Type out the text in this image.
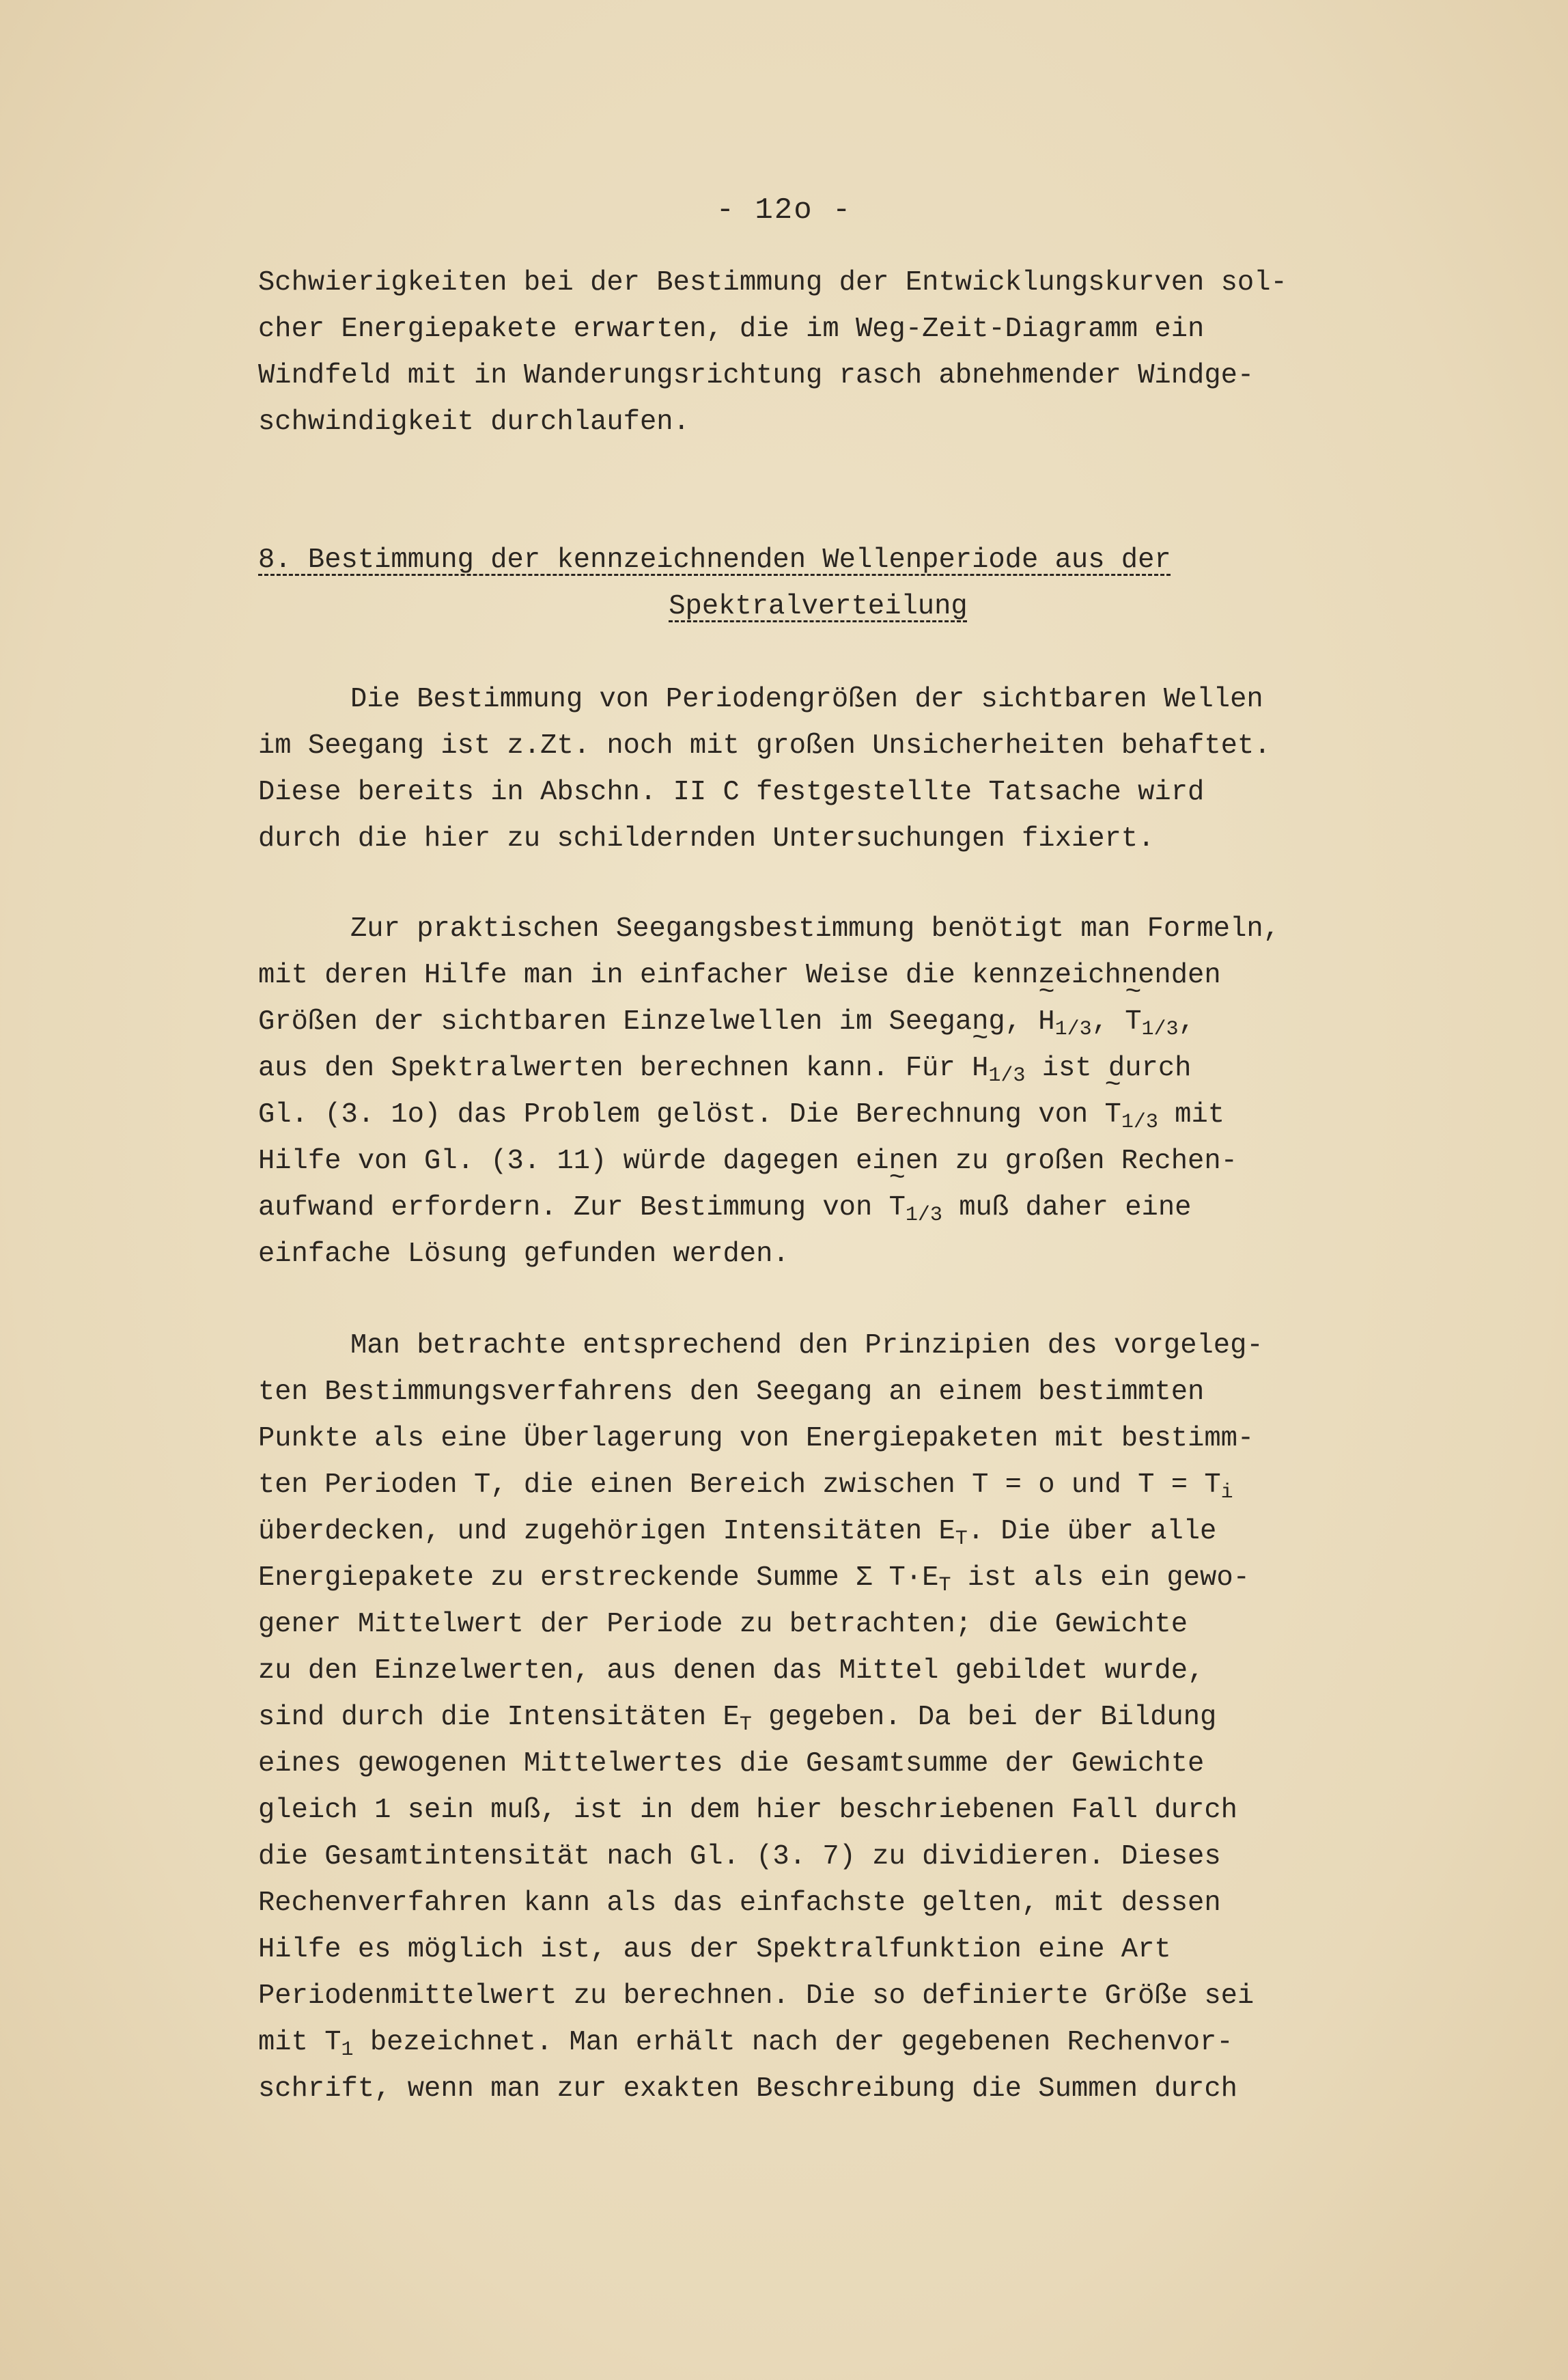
- 12o -
Schwierigkeiten bei der Bestimmung der Entwicklungskurven sol-
cher Energiepakete erwarten, die im Weg-Zeit-Diagramm ein
Windfeld mit in Wanderungsrichtung rasch abnehmender Windge-
schwindigkeit durchlaufen.
8. Bestimmung der kennzeichnenden Wellenperiode aus der
Spektralverteilung
Die Bestimmung von Periodengrößen der sichtbaren Wellen
im Seegang ist z.Zt. noch mit großen Unsicherheiten behaftet.
Diese bereits in Abschn. II C festgestellte Tatsache wird
durch die hier zu schildernden Untersuchungen fixiert.
Zur praktischen Seegangsbestimmung benötigt man Formeln,
mit deren Hilfe man in einfacher Weise die kennzeichnenden
Größen der sichtbaren Einzelwellen im Seegang, ~ $H_{1/3}$, ~ $T_{1/3}$,
aus den Spektralwerten berechnen kann. Für ~ $H_{1/3}$ ist durch
Gl. (3. 1o) das Problem gelöst. Die Berechnung von ~ $T_{1/3}$ mit
Hilfe von Gl. (3. 11) würde dagegen einen zu großen Rechen-
aufwand erfordern. Zur Bestimmung von ~ $T_{1/3}$ muß daher eine
einfache Lösung gefunden werden.
Man betrachte entsprechend den Prinzipien des vorgeleg-
ten Bestimmungsverfahrens den Seegang an einem bestimmten
Punkte als eine Überlagerung von Energiepaketen mit bestimm-
ten Perioden T, die einen Bereich zwischen T = o und $T = T_i$
überdecken, und zugehörigen Intensitäten $E_T$. Die über alle
Energiepakete zu erstreckende Summe Σ $T\cdot E_T$ ist als ein gewo-
gener Mittelwert der Periode zu betrachten; die Gewichte
zu den Einzelwerten, aus denen das Mittel gebildet wurde,
sind durch die Intensitäten $E_T$ gegeben. Da bei der Bildung
eines gewogenen Mittelwertes die Gesamtsumme der Gewichte
gleich 1 sein muß, ist in dem hier beschriebenen Fall durch
die Gesamtintensität nach Gl. (3. 7) zu dividieren. Dieses
Rechenverfahren kann als das einfachste gelten, mit dessen
Hilfe es möglich ist, aus der Spektralfunktion eine Art
Periodenmittelwert zu berechnen. Die so definierte Größe sei
mit $T_1$ bezeichnet. Man erhält nach der gegebenen Rechenvor-
schrift, wenn man zur exakten Beschreibung die Summen durch
